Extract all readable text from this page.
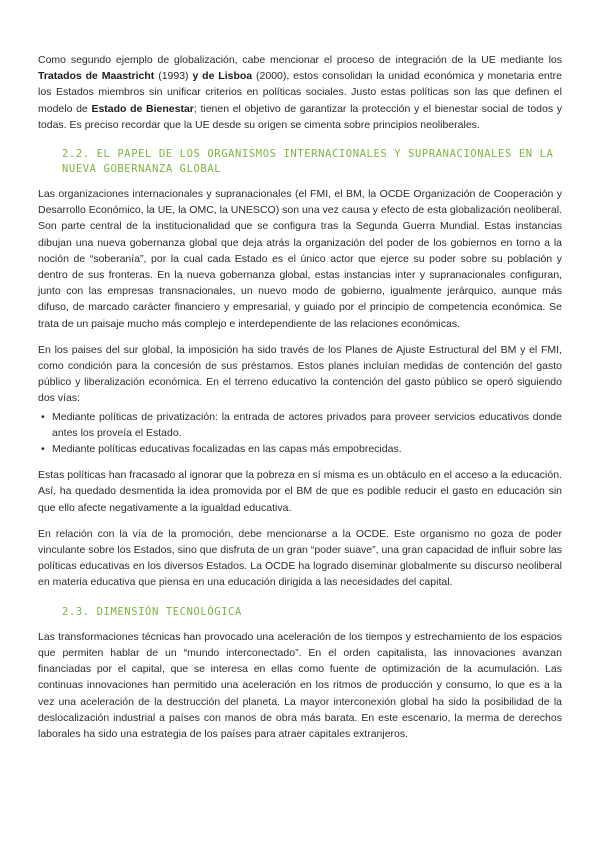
Como segundo ejemplo de globalización, cabe mencionar el proceso de integración de la UE mediante los Tratados de Maastricht (1993) y de Lisboa (2000), estos consolidan la unidad económica y monetaria entre los Estados miembros sin unificar criterios en políticas sociales. Justo estas políticas son las que definen el modelo de Estado de Bienestar; tienen el objetivo de garantizar la protección y el bienestar social de todos y todas. Es preciso recordar que la UE desde su origen se cimenta sobre principios neoliberales.

2.2. EL PAPEL DE LOS ORGANISMOS INTERNACIONALES Y SUPRANACIONALES EN LA NUEVA GOBERNANZA GLOBAL

Las organizaciones internacionales y supranacionales (el FMI, el BM, la OCDE Organización de Cooperación y Desarrollo Económico, la UE, la OMC, la UNESCO) son una vez causa y efecto de esta globalización neoliberal. Son parte central de la institucionalidad que se configura tras la Segunda Guerra Mundial. Estas instancias dibujan una nueva gobernanza global que deja atrás la organización del poder de los gobiernos en torno a la noción de “soberanía”, por la cual cada Estado es el único actor que ejerce su poder sobre su población y dentro de sus fronteras. En la nueva gobernanza global, estas instancias inter y supranacionales configuran, junto con las empresas transnacionales, un nuevo modo de gobierno, igualmente jerárquico, aunque más difuso, de marcado carácter financiero y empresarial, y guiado por el principio de competencia económica. Se trata de un paisaje mucho más complejo e interdependiente de las relaciones económicas.

En los paises del sur global, la imposición ha sido través de los Planes de Ajuste Estructural del BM y el FMI, como condición para la concesión de sus préstamos. Estos planes incluían medidas de contención del gasto público y liberalización económica. En el terreno educativo la contención del gasto público se operó siguiendo dos vías:

• Mediante políticas de privatización: la entrada de actores privados para proveer servicios educativos donde antes los proveía el Estado.
• Mediante políticas educativas focalizadas en las capas más empobrecidas.

Estas políticas han fracasado al ignorar que la pobreza en sí misma es un obtáculo en el acceso a la educación. Así, ha quedado desmentida la idea promovida por el BM de que es podible reducir el gasto en educación sin que ello afecte negativamente a la igualdad educativa.

En relación con la vía de la promoción, debe mencionarse a la OCDE. Este organismo no goza de poder vinculante sobre los Estados, sino que disfruta de un gran “poder suave”, una gran capacidad de influir sobre las políticas educativas en los diversos Estados. La OCDE ha logrado diseminar globalmente su discurso neoliberal en materia educativa que piensa en una educación dirigida a las necesidades del capital.

2.3. DIMENSIÓN TECNOLÓGICA

Las transformaciones técnicas han provocado una aceleración de los tiempos y estrechamiento de los espacios que permiten hablar de un “mundo interconectado”. En el orden capitalista, las innovaciones avanzan financiadas por el capital, que se interesa en ellas como fuente de optimización de la acumulación. Las continuas innovaciones han permitido una aceleración en los ritmos de producción y consumo, lo que es a la vez una aceleración de la destrucción del planeta. La mayor interconexión global ha sido la posibilidad de la deslocalización industrial a países con manos de obra más barata. En este escenario, la merma de derechos laborales ha sido una estrategia de los países para atraer capitales extranjeros.
